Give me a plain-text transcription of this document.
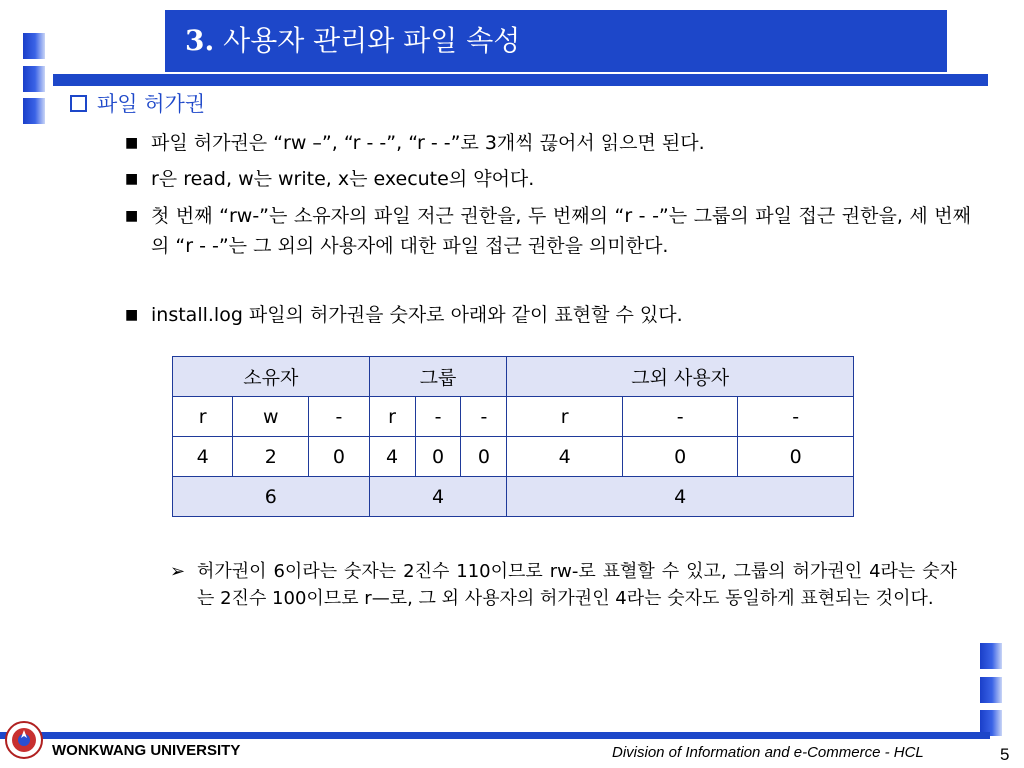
3. 사용자 관리와 파일 속성
파일 허가권
■ 파일 허가권은 “rw –”, “r - -”, “r - -”로 3개씩 끊어서 읽으면 된다.
■ r은 read, w는 write, x는 execute의 약어다.
■ 첫 번째 “rw-”는 소유자의 파일 저근 권한을, 두 번째의 “r - -”는 그룹의 파일 접근 권한을, 세 번째의 “r - -”는 그 외의 사용자에 대한 파일 접근 권한을 의미한다.
■ install.log 파일의 허가권을 숫자로 아래와 같이 표현할 수 있다.
소유자			그룹			그외 사용자		
r	w	-	r	-	-	r	-	-
4	2	0	4	0	0	4	0	0
6			4			4		
➢ 허가권이 6이라는 숫자는 2진수 110이므로 rw-로 표혈할 수 있고, 그룹의 허가권인 4라는 숫자는 2진수 100이므로 r—로, 그 외 사용자의 허가권인 4라는 숫자도 동일하게 표현되는 것이다.
WONKWANG UNIVERSITY	Division of Information and e-Commerce - HCL	5
